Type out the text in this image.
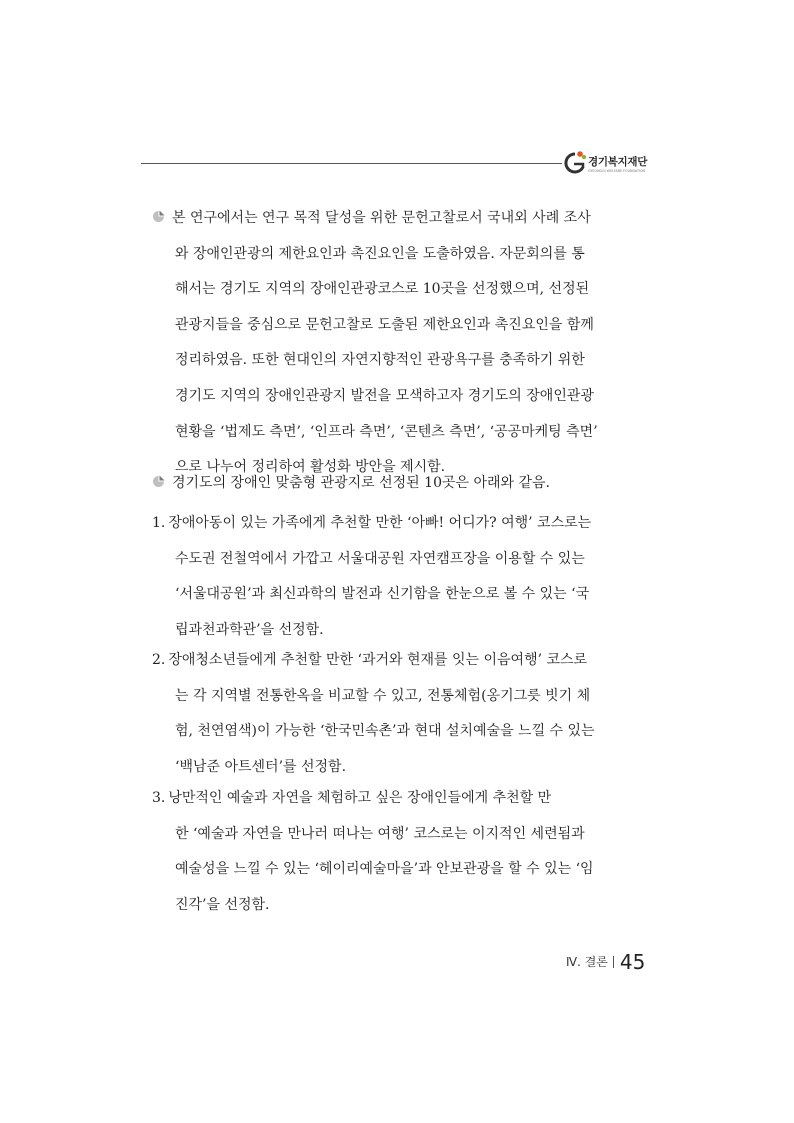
경기복지재단
GYEONGGI WELFARE FOUNDATION
본 연구에서는 연구 목적 달성을 위한 문헌고찰로서 국내외 사례 조사
와 장애인관광의 제한요인과 촉진요인을 도출하였음. 자문회의를 통
해서는 경기도 지역의 장애인관광코스로 10곳을 선정했으며, 선정된
관광지들을 중심으로 문헌고찰로 도출된 제한요인과 촉진요인을 함께
정리하였음. 또한 현대인의 자연지향적인 관광욕구를 충족하기 위한
경기도 지역의 장애인관광지 발전을 모색하고자 경기도의 장애인관광
현황을 ‘법제도 측면’, ‘인프라 측면’, ‘콘텐츠 측면’, ‘공공마케팅 측면’
으로 나누어 정리하여 활성화 방안을 제시함.
경기도의 장애인 맞춤형 관광지로 선정된 10곳은 아래와 같음.
1. 장애아동이 있는 가족에게 추천할 만한 ‘아빠! 어디가? 여행’ 코스로는
수도권 전철역에서 가깝고 서울대공원 자연캠프장을 이용할 수 있는
‘서울대공원’과 최신과학의 발전과 신기함을 한눈으로 볼 수 있는 ‘국
립과천과학관’을 선정함.
2. 장애청소년들에게 추천할 만한 ‘과거와 현재를 잇는 이음여행’ 코스로
는 각 지역별 전통한옥을 비교할 수 있고, 전통체험(옹기그릇 빗기 체
험, 천연염색)이 가능한 ‘한국민속촌’과 현대 설치예술을 느낄 수 있는
‘백남준 아트센터’를 선정함.
3. 낭만적인 예술과 자연을 체험하고 싶은 장애인들에게 추천할 만
한 ‘예술과 자연을 만나러 떠나는 여행’ 코스로는 이지적인 세련됨과
예술성을 느낄 수 있는 ‘헤이리예술마을’과 안보관광을 할 수 있는 ‘임
진각’을 선정함.
Ⅳ. 결론 45
